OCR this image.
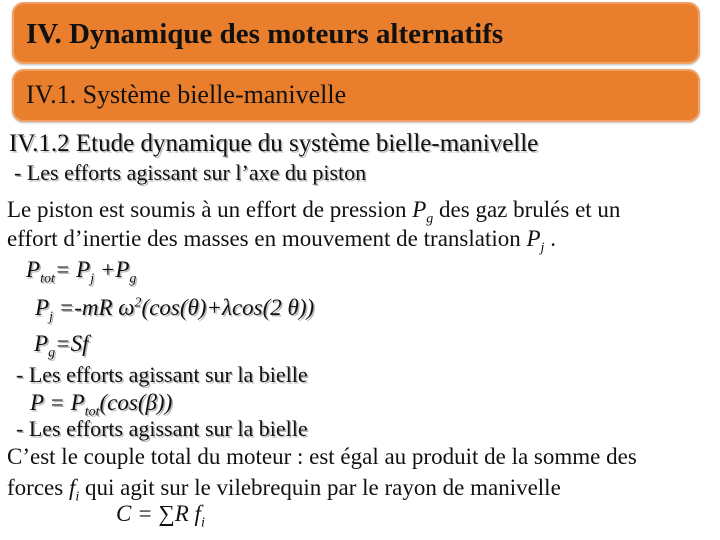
IV. Dynamique des moteurs alternatifs
IV.1. Système bielle-manivelle
IV.1.2 Etude dynamique du système bielle-manivelle
- Les efforts agissant sur l’axe du piston
Le piston est soumis à un effort de pression $P_g$ des gaz brulés et un
effort d’inertie des masses en mouvement de translation $P_j$ .
$P_{tot}= P_j +P_g$
$P_j =-mR$ $\omega^2(\cos(\theta)+\lambda\cos(2$ θ))
$P_g=Sf$
- Les efforts agissant sur la bielle
$P = P_{tot}(\cos(\beta))$
- Les efforts agissant sur la bielle
C’est le couple total du moteur : est égal au produit de la somme des
forces $f_i$ qui agit sur le vilebrequin par le rayon de manivelle
C = ∑R $f_i$
